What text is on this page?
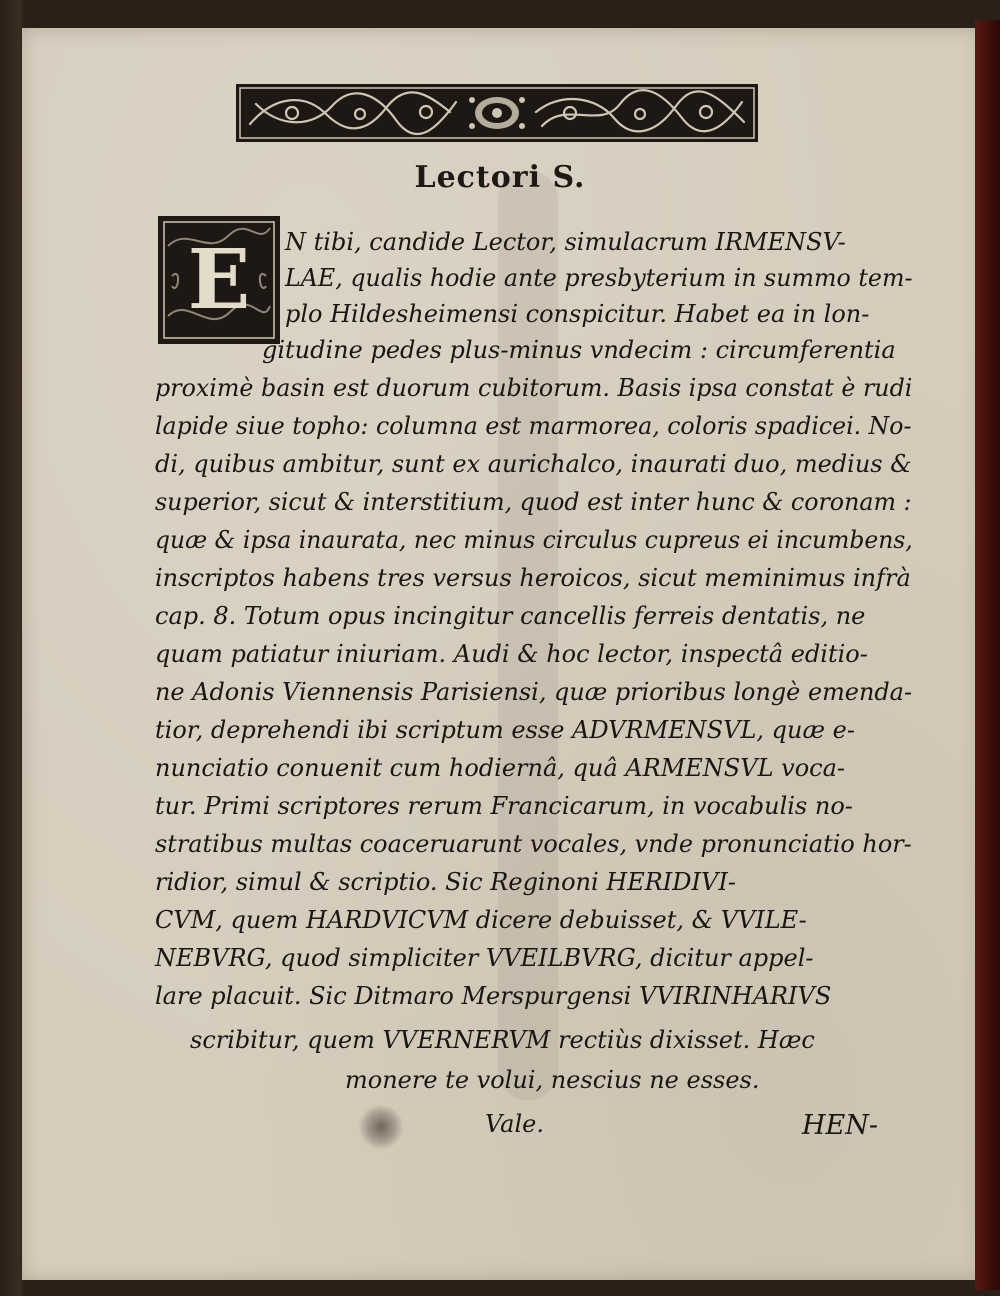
Lectori S.
E	N tibi, candide Lector, simulacrum IRMENSV-
LAE, qualis hodie ante presbyterium in summo tem-
plo Hildesheimensi conspicitur. Habet ea in lon-
gitudine pedes plus-minus vndecim : circumferentia
proximè basin est duorum cubitorum. Basis ipsa constat è rudi
lapide siue topho: columna est marmorea, coloris spadicei. No-
di, quibus ambitur, sunt ex aurichalco, inaurati duo, medius &
superior, sicut & interstitium, quod est inter hunc & coronam :
quæ & ipsa inaurata, nec minus circulus cupreus ei incumbens,
inscriptos habens tres versus heroicos, sicut meminimus infrà
cap. 8. Totum opus incingitur cancellis ferreis dentatis, ne
quam patiatur iniuriam. Audi & hoc lector, inspectâ editio-
ne Adonis Viennensis Parisiensi, quæ prioribus longè emenda-
tior, deprehendi ibi scriptum esse ADVRMENSVL, quæ e-
nunciatio conuenit cum hodiernâ, quâ ARMENSVL voca-
tur. Primi scriptores rerum Francicarum, in vocabulis no-
stratibus multas coaceruarunt vocales, vnde pronunciatio hor-
ridior, simul & scriptio. Sic Reginoni HERIDIVI-
CVM, quem HARDVICVM dicere debuisset, & VVILE-
NEBVRG, quod simpliciter VVEILBVRG, dicitur appel-
lare placuit. Sic Ditmaro Merspurgensi VVIRINHARIVS
scribitur, quem VVERNERVM rectiùs dixisset. Hæc
monere te volui, nescius ne esses.
Vale.	HEN-
